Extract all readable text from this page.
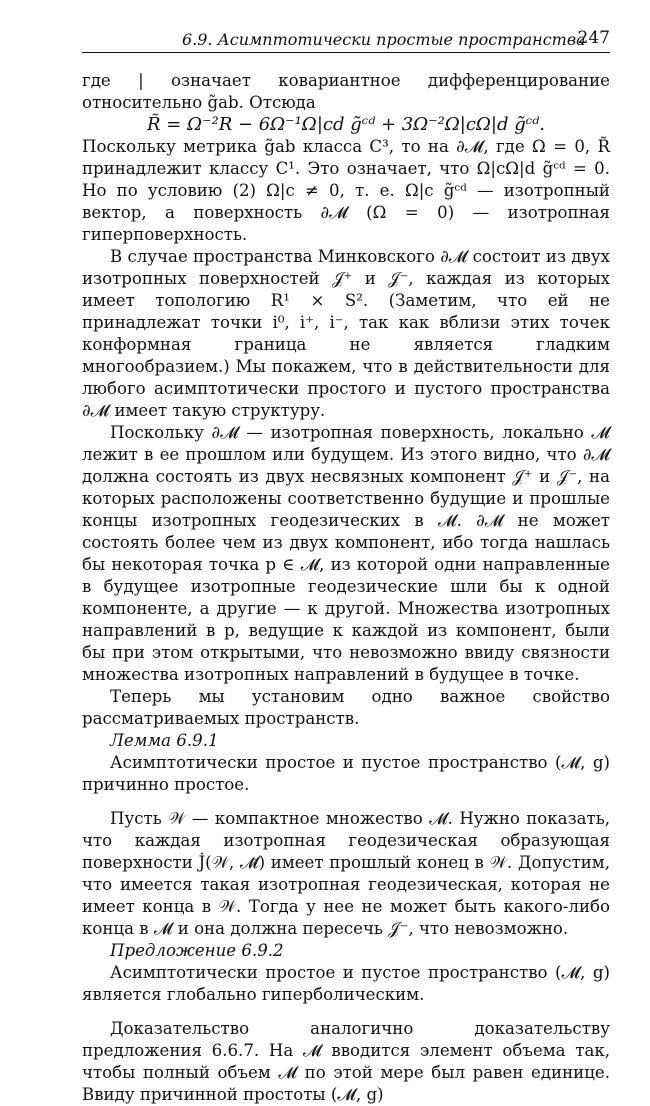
6.9. Асимптотически простые пространства
247

где | означает ковариантное дифференцирование относительно g̃ab. Отсюда

R̃ = Ω⁻²R − 6Ω⁻¹Ω|cd g̃ᶜᵈ + 3Ω⁻²Ω|cΩ|d g̃ᶜᵈ.

Поскольку метрика g̃ab класса C³, то на ∂𝓜, где Ω = 0, R̃ принадлежит классу C¹. Это означает, что Ω|cΩ|d g̃ᶜᵈ = 0. Но по условию (2) Ω|c ≠ 0, т. е. Ω|c g̃ᶜᵈ — изотропный вектор, а поверхность ∂𝓜 (Ω = 0) — изотропная гиперповерхность.

В случае пространства Минковского ∂𝓜 состоит из двух изотропных поверхностей 𝒥⁺ и 𝒥⁻, каждая из которых имеет топологию R¹ × S². (Заметим, что ей не принадлежат точки i⁰, i⁺, i⁻, так как вблизи этих точек конформная граница не является гладким многообразием.) Мы покажем, что в действительности для любого асимптотически простого и пустого пространства ∂𝓜 имеет такую структуру.

Поскольку ∂𝓜 — изотропная поверхность, локально 𝓜 лежит в ее прошлом или будущем. Из этого видно, что ∂𝓜 должна состоять из двух несвязных компонент 𝒥⁺ и 𝒥⁻, на которых расположены соответственно будущие и прошлые концы изотропных геодезических в 𝓜. ∂𝓜 не может состоять более чем из двух компонент, ибо тогда нашлась бы некоторая точка p ∈ 𝓜, из которой одни направленные в будущее изотропные геодезические шли бы к одной компоненте, а другие — к другой. Множества изотропных направлений в p, ведущие к каждой из компонент, были бы при этом открытыми, что невозможно ввиду связности множества изотропных направлений в будущее в точке.

Теперь мы установим одно важное свойство рассматриваемых пространств.

Лемма 6.9.1

Асимптотически простое и пустое пространство (𝓜, g) причинно простое.

Пусть 𝒲 — компактное множество 𝓜. Нужно показать, что каждая изотропная геодезическая образующая поверхности J̇(𝒲, 𝓜̄) имеет прошлый конец в 𝒲. Допустим, что имеется такая изотропная геодезическая, которая не имеет конца в 𝒲. Тогда у нее не может быть какого-либо конца в 𝓜 и она должна пересечь 𝒥⁻, что невозможно.

Предложение 6.9.2

Асимптотически простое и пустое пространство (𝓜, g) является глобально гиперболическим.

Доказательство аналогично доказательству предложения 6.6.7. На 𝓜 вводится элемент объема так, чтобы полный объем 𝓜 по этой мере был равен единице. Ввиду причинной простоты (𝓜, g)
